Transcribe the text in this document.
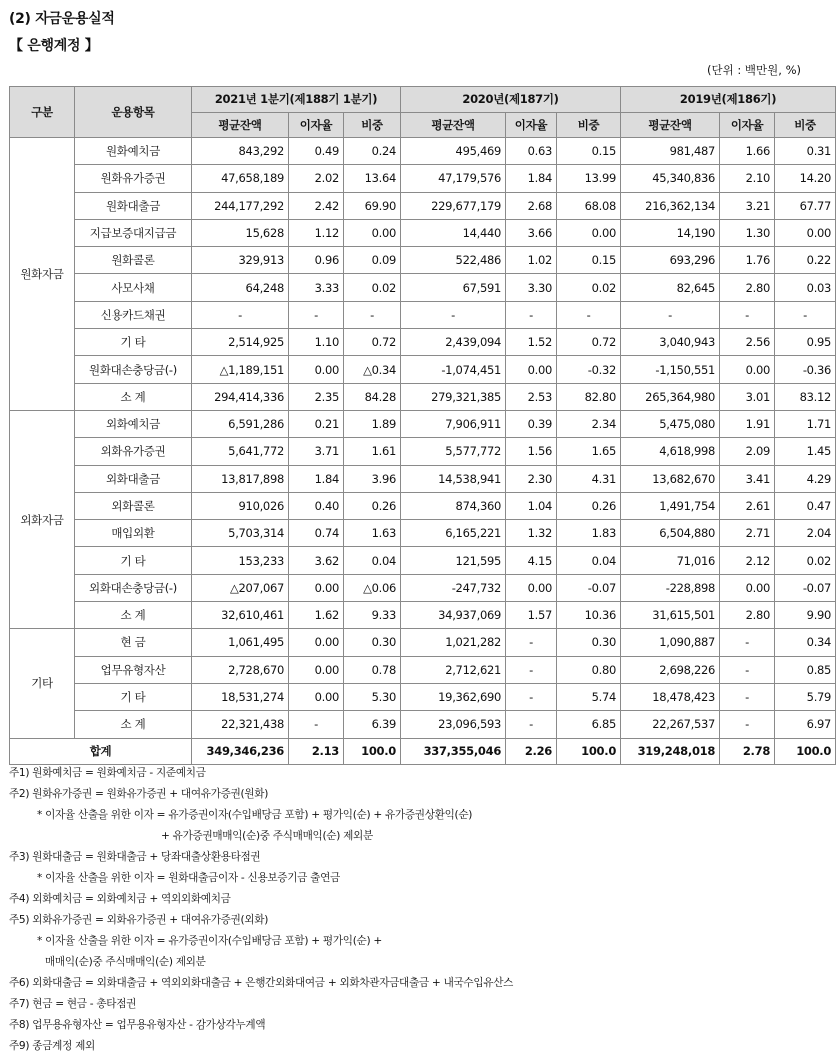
(2) 자금운용실적
【 은행계정 】
(단위 : 백만원, %)
구분	운용항목	2021년 1분기(제188기 1분기)			2020년(제187기)			2019년(제186기)		
		평균잔액	이자율	비중	평균잔액	이자율	비중	평균잔액	이자율	비중
원화자금	원화예치금	843,292	0.49	0.24	495,469	0.63	0.15	981,487	1.66	0.31
	원화유가증권	47,658,189	2.02	13.64	47,179,576	1.84	13.99	45,340,836	2.10	14.20
	원화대출금	244,177,292	2.42	69.90	229,677,179	2.68	68.08	216,362,134	3.21	67.77
	지급보증대지급금	15,628	1.12	0.00	14,440	3.66	0.00	14,190	1.30	0.00
	원화콜론	329,913	0.96	0.09	522,486	1.02	0.15	693,296	1.76	0.22
	사모사채	64,248	3.33	0.02	67,591	3.30	0.02	82,645	2.80	0.03
	신용카드채권	-	-	-	-	-	-	-	-	-
	기 타	2,514,925	1.10	0.72	2,439,094	1.52	0.72	3,040,943	2.56	0.95
	원화대손충당금(-)	△1,189,151	0.00	△0.34	-1,074,451	0.00	-0.32	-1,150,551	0.00	-0.36
	소 계	294,414,336	2.35	84.28	279,321,385	2.53	82.80	265,364,980	3.01	83.12
외화자금	외화예치금	6,591,286	0.21	1.89	7,906,911	0.39	2.34	5,475,080	1.91	1.71
	외화유가증권	5,641,772	3.71	1.61	5,577,772	1.56	1.65	4,618,998	2.09	1.45
	외화대출금	13,817,898	1.84	3.96	14,538,941	2.30	4.31	13,682,670	3.41	4.29
	외화콜론	910,026	0.40	0.26	874,360	1.04	0.26	1,491,754	2.61	0.47
	매입외환	5,703,314	0.74	1.63	6,165,221	1.32	1.83	6,504,880	2.71	2.04
	기 타	153,233	3.62	0.04	121,595	4.15	0.04	71,016	2.12	0.02
	외화대손충당금(-)	△207,067	0.00	△0.06	-247,732	0.00	-0.07	-228,898	0.00	-0.07
	소 계	32,610,461	1.62	9.33	34,937,069	1.57	10.36	31,615,501	2.80	9.90
기타	현 금	1,061,495	0.00	0.30	1,021,282	-	0.30	1,090,887	-	0.34
	업무유형자산	2,728,670	0.00	0.78	2,712,621	-	0.80	2,698,226	-	0.85
	기 타	18,531,274	0.00	5.30	19,362,690	-	5.74	18,478,423	-	5.79
	소 계	22,321,438	-	6.39	23,096,593	-	6.85	22,267,537	-	6.97
합계		349,346,236	2.13	100.0	337,355,046	2.26	100.0	319,248,018	2.78	100.0
주1) 원화예치금 = 원화예치금 - 지준예치금
주2) 원화유가증권 = 원화유가증권 + 대여유가증권(원화)
* 이자율 산출을 위한 이자 = 유가증권이자(수입배당금 포함) + 평가익(순) + 유가증권상환익(순)
+ 유가증권매매익(순)중 주식매매익(순) 제외분
주3) 원화대출금 = 원화대출금 + 당좌대출상환용타점권
* 이자율 산출을 위한 이자 = 원화대출금이자 - 신용보증기금 출연금
주4) 외화예치금 = 외화예치금 + 역외외화예치금
주5) 외화유가증권 = 외화유가증권 + 대여유가증권(외화)
* 이자율 산출을 위한 이자 = 유가증권이자(수입배당금 포함) + 평가익(순) +
매매익(순)중 주식매매익(순) 제외분
주6) 외화대출금 = 외화대출금 + 역외외화대출금 + 은행간외화대여금 + 외화차관자금대출금 + 내국수입유산스
주7) 현금 = 현금 - 총타점권
주8) 업무용유형자산 = 업무용유형자산 - 감가상각누계액
주9) 종금계정 제외
